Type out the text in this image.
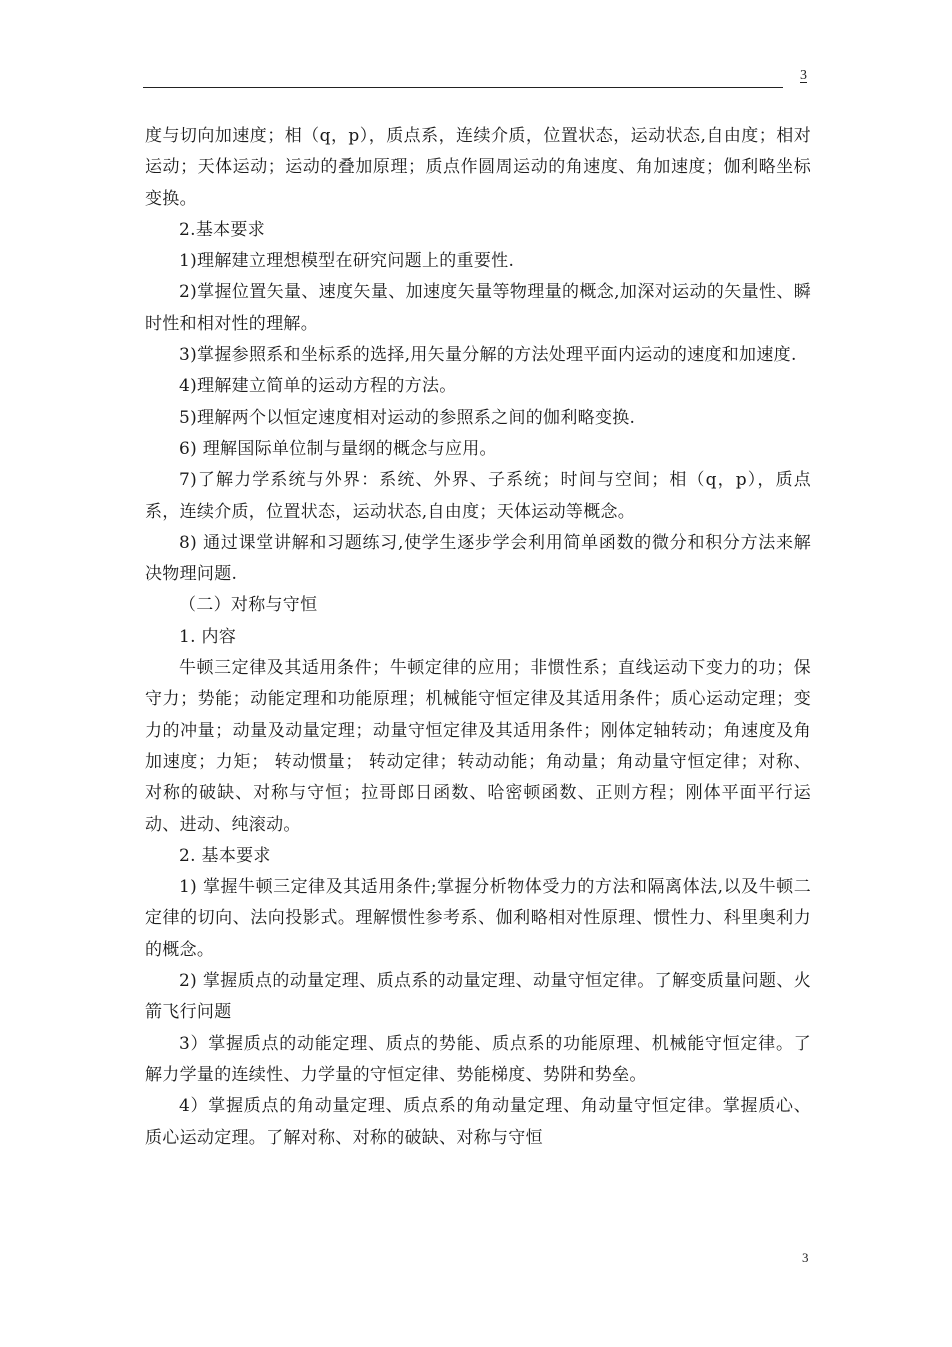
3

度与切向加速度；相（q，p），质点系，连续介质，位置状态，运动状态,自由度；相对运动；天体运动；运动的叠加原理；质点作圆周运动的角速度、角加速度；伽利略坐标变换。

2.基本要求

1)理解建立理想模型在研究问题上的重要性.

2)掌握位置矢量、速度矢量、加速度矢量等物理量的概念,加深对运动的矢量性、瞬时性和相对性的理解。

3)掌握参照系和坐标系的选择,用矢量分解的方法处理平面内运动的速度和加速度.

4)理解建立简单的运动方程的方法。

5)理解两个以恒定速度相对运动的参照系之间的伽利略变换.

6) 理解国际单位制与量纲的概念与应用。

7)了解力学系统与外界：系统、外界、子系统；时间与空间；相（q，p），质点系，连续介质，位置状态，运动状态,自由度；天体运动等概念。

8) 通过课堂讲解和习题练习,使学生逐步学会利用简单函数的微分和积分方法来解决物理问题.

（二）对称与守恒

1. 内容

牛顿三定律及其适用条件；牛顿定律的应用；非惯性系；直线运动下变力的功；保守力；势能；动能定理和功能原理；机械能守恒定律及其适用条件；质心运动定理；变力的冲量；动量及动量定理；动量守恒定律及其适用条件；刚体定轴转动；角速度及角加速度；力矩； 转动惯量； 转动定律；转动动能；角动量；角动量守恒定律；对称、对称的破缺、对称与守恒；拉哥郎日函数、哈密顿函数、正则方程；刚体平面平行运动、进动、纯滚动。

2. 基本要求

1) 掌握牛顿三定律及其适用条件;掌握分析物体受力的方法和隔离体法,以及牛顿二定律的切向、法向投影式。理解惯性参考系、伽利略相对性原理、惯性力、科里奥利力的概念。

2) 掌握质点的动量定理、质点系的动量定理、动量守恒定律。了解变质量问题、火箭飞行问题

3）掌握质点的动能定理、质点的势能、质点系的功能原理、机械能守恒定律。了解力学量的连续性、力学量的守恒定律、势能梯度、势阱和势垒。

4）掌握质点的角动量定理、质点系的角动量定理、角动量守恒定律。掌握质心、质心运动定理。了解对称、对称的破缺、对称与守恒

3
